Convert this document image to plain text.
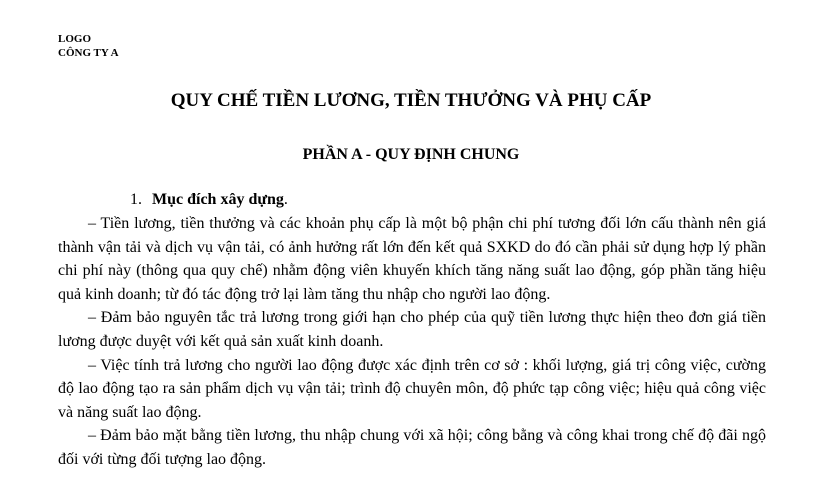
LOGO
CÔNG TY A
QUY CHẾ TIỀN LƯƠNG, TIỀN THƯỞNG VÀ PHỤ CẤP
PHẦN A - QUY ĐỊNH CHUNG
1. Mục đích xây dựng.

– Tiền lương, tiền thưởng và các khoản phụ cấp là một bộ phận chi phí tương đối lớn cấu thành nên giá thành vận tải và dịch vụ vận tải, có ảnh hưởng rất lớn đến kết quả SXKD do đó cần phải sử dụng hợp lý phần chi phí này (thông qua quy chế) nhằm động viên khuyến khích tăng năng suất lao động, góp phần tăng hiệu quả kinh doanh; từ đó tác động trở lại làm tăng thu nhập cho người lao động.

– Đảm bảo nguyên tắc trả lương trong giới hạn cho phép của quỹ tiền lương thực hiện theo đơn giá tiền lương được duyệt với kết quả sản xuất kinh doanh.

– Việc tính trả lương cho người lao động được xác định trên cơ sở : khối lượng, giá trị công việc, cường độ lao động tạo ra sản phẩm dịch vụ vận tải; trình độ chuyên môn, độ phức tạp công việc; hiệu quả công việc và năng suất lao động.

– Đảm bảo mặt bằng tiền lương, thu nhập chung với xã hội; công bằng và công khai trong chế độ đãi ngộ đối với từng đối tượng lao động.
